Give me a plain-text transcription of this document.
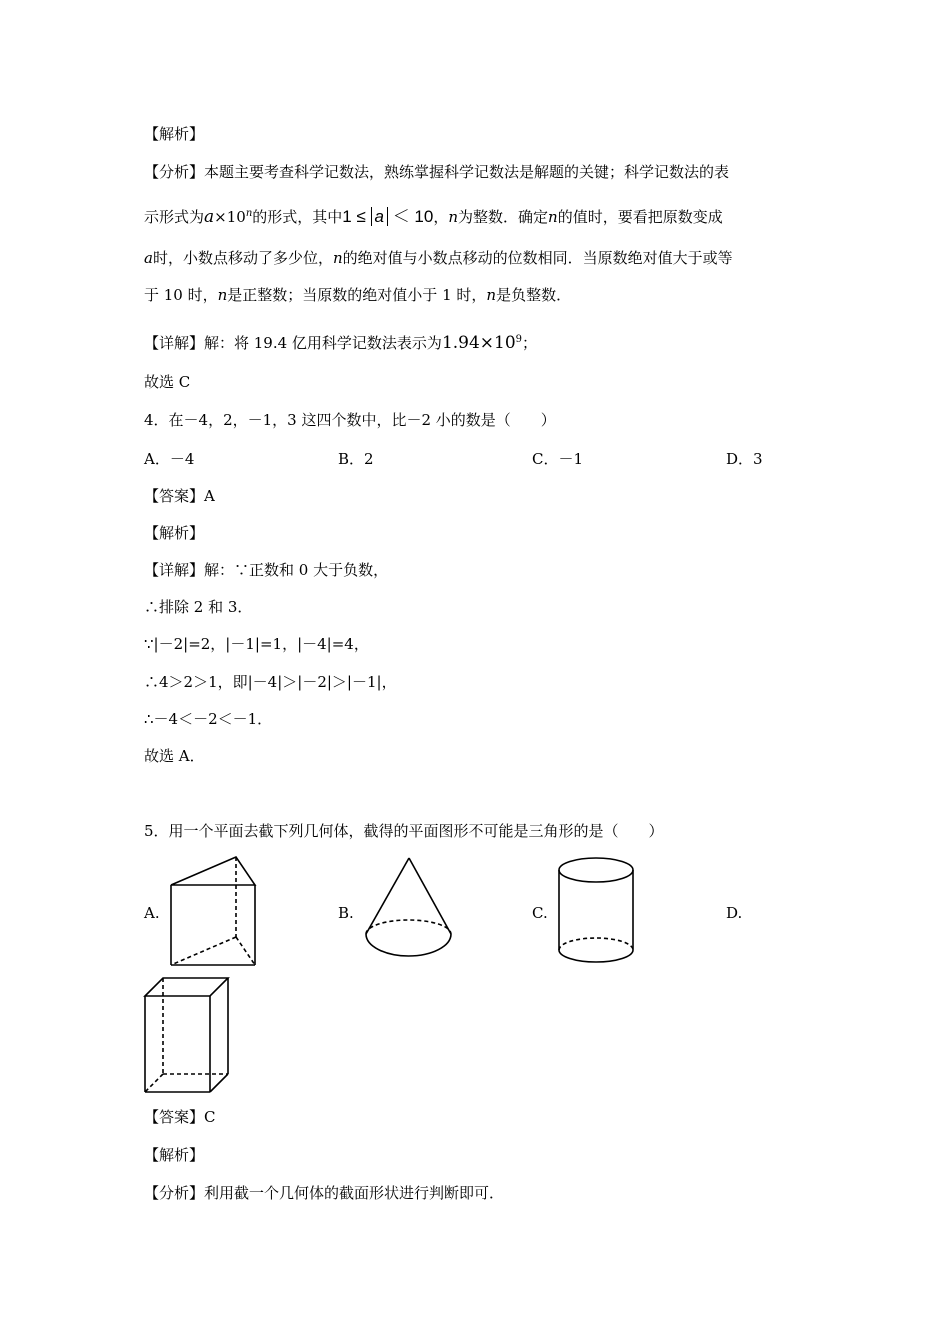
【解析】
【分析】本题主要考查科学记数法，熟练掌握科学记数法是解题的关键；科学记数法的表
示形式为$a\times 10^n$的形式，其中1 ≤ a ＜ 10，n为整数．确定n的值时，要看把原数变成
a时，小数点移动了多少位，n的绝对值与小数点移动的位数相同．当原数绝对值大于或等
于 10 时，n是正整数；当原数的绝对值小于 1 时，n是负整数．
【详解】解：将 19.4 亿用科学记数法表示为$1.94\times 10^9$；
故选 C
4．在－4，2，－1，3 这四个数中，比－2 小的数是（　　）
A．－4	B．2	C．－1	D．3
【答案】A
【解析】
【详解】解：∵正数和 0 大于负数，
∴排除 2 和 3．
∵|－2|=2，|－1|=1，|－4|=4，
∴4＞2＞1，即|－4|＞|－2|＞|－1|，
∴－4＜－2＜－1．
故选 A．
5．用一个平面去截下列几何体，截得的平面图形不可能是三角形的是（　　）
A.	B.	C.	D.
【答案】C
【解析】
【分析】利用截一个几何体的截面形状进行判断即可．
